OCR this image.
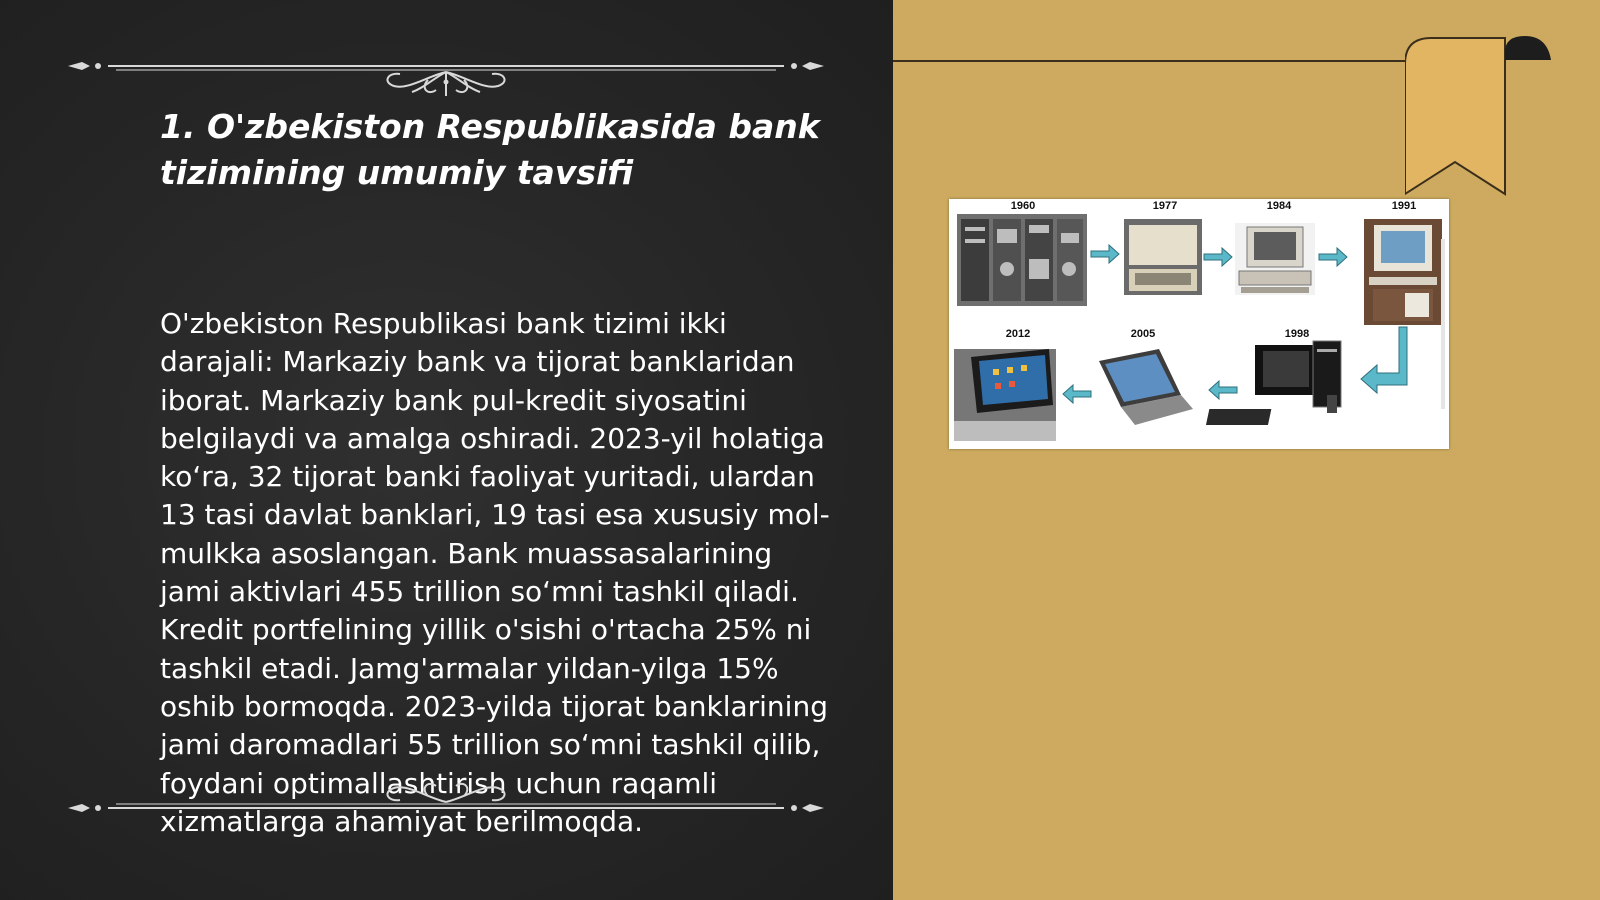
1. O'zbekiston Respublikasida bank tizimining umumiy tavsifi

O'zbekiston Respublikasi bank tizimi ikki darajali: Markaziy bank va tijorat banklaridan iborat. Markaziy bank pul-kredit siyosatini belgilaydi va amalga oshiradi. 2023-yil holatiga ko‘ra, 32 tijorat banki faoliyat yuritadi, ulardan 13 tasi davlat banklari, 19 tasi esa xususiy mol-mulkka asoslangan. Bank muassasalarining jami aktivlari 455 trillion so‘mni tashkil qiladi. Kredit portfelining yillik o'sishi o'rtacha 25% ni tashkil etadi. Jamg'armalar yildan-yilga 15% oshib bormoqda. 2023-yilda tijorat banklarining jami daromadlari 55 trillion so‘mni tashkil qilib, foydani optimallashtirish uchun raqamli xizmatlarga ahamiyat berilmoqda.

1960	1977	1984	1991
2012	2005	1998
